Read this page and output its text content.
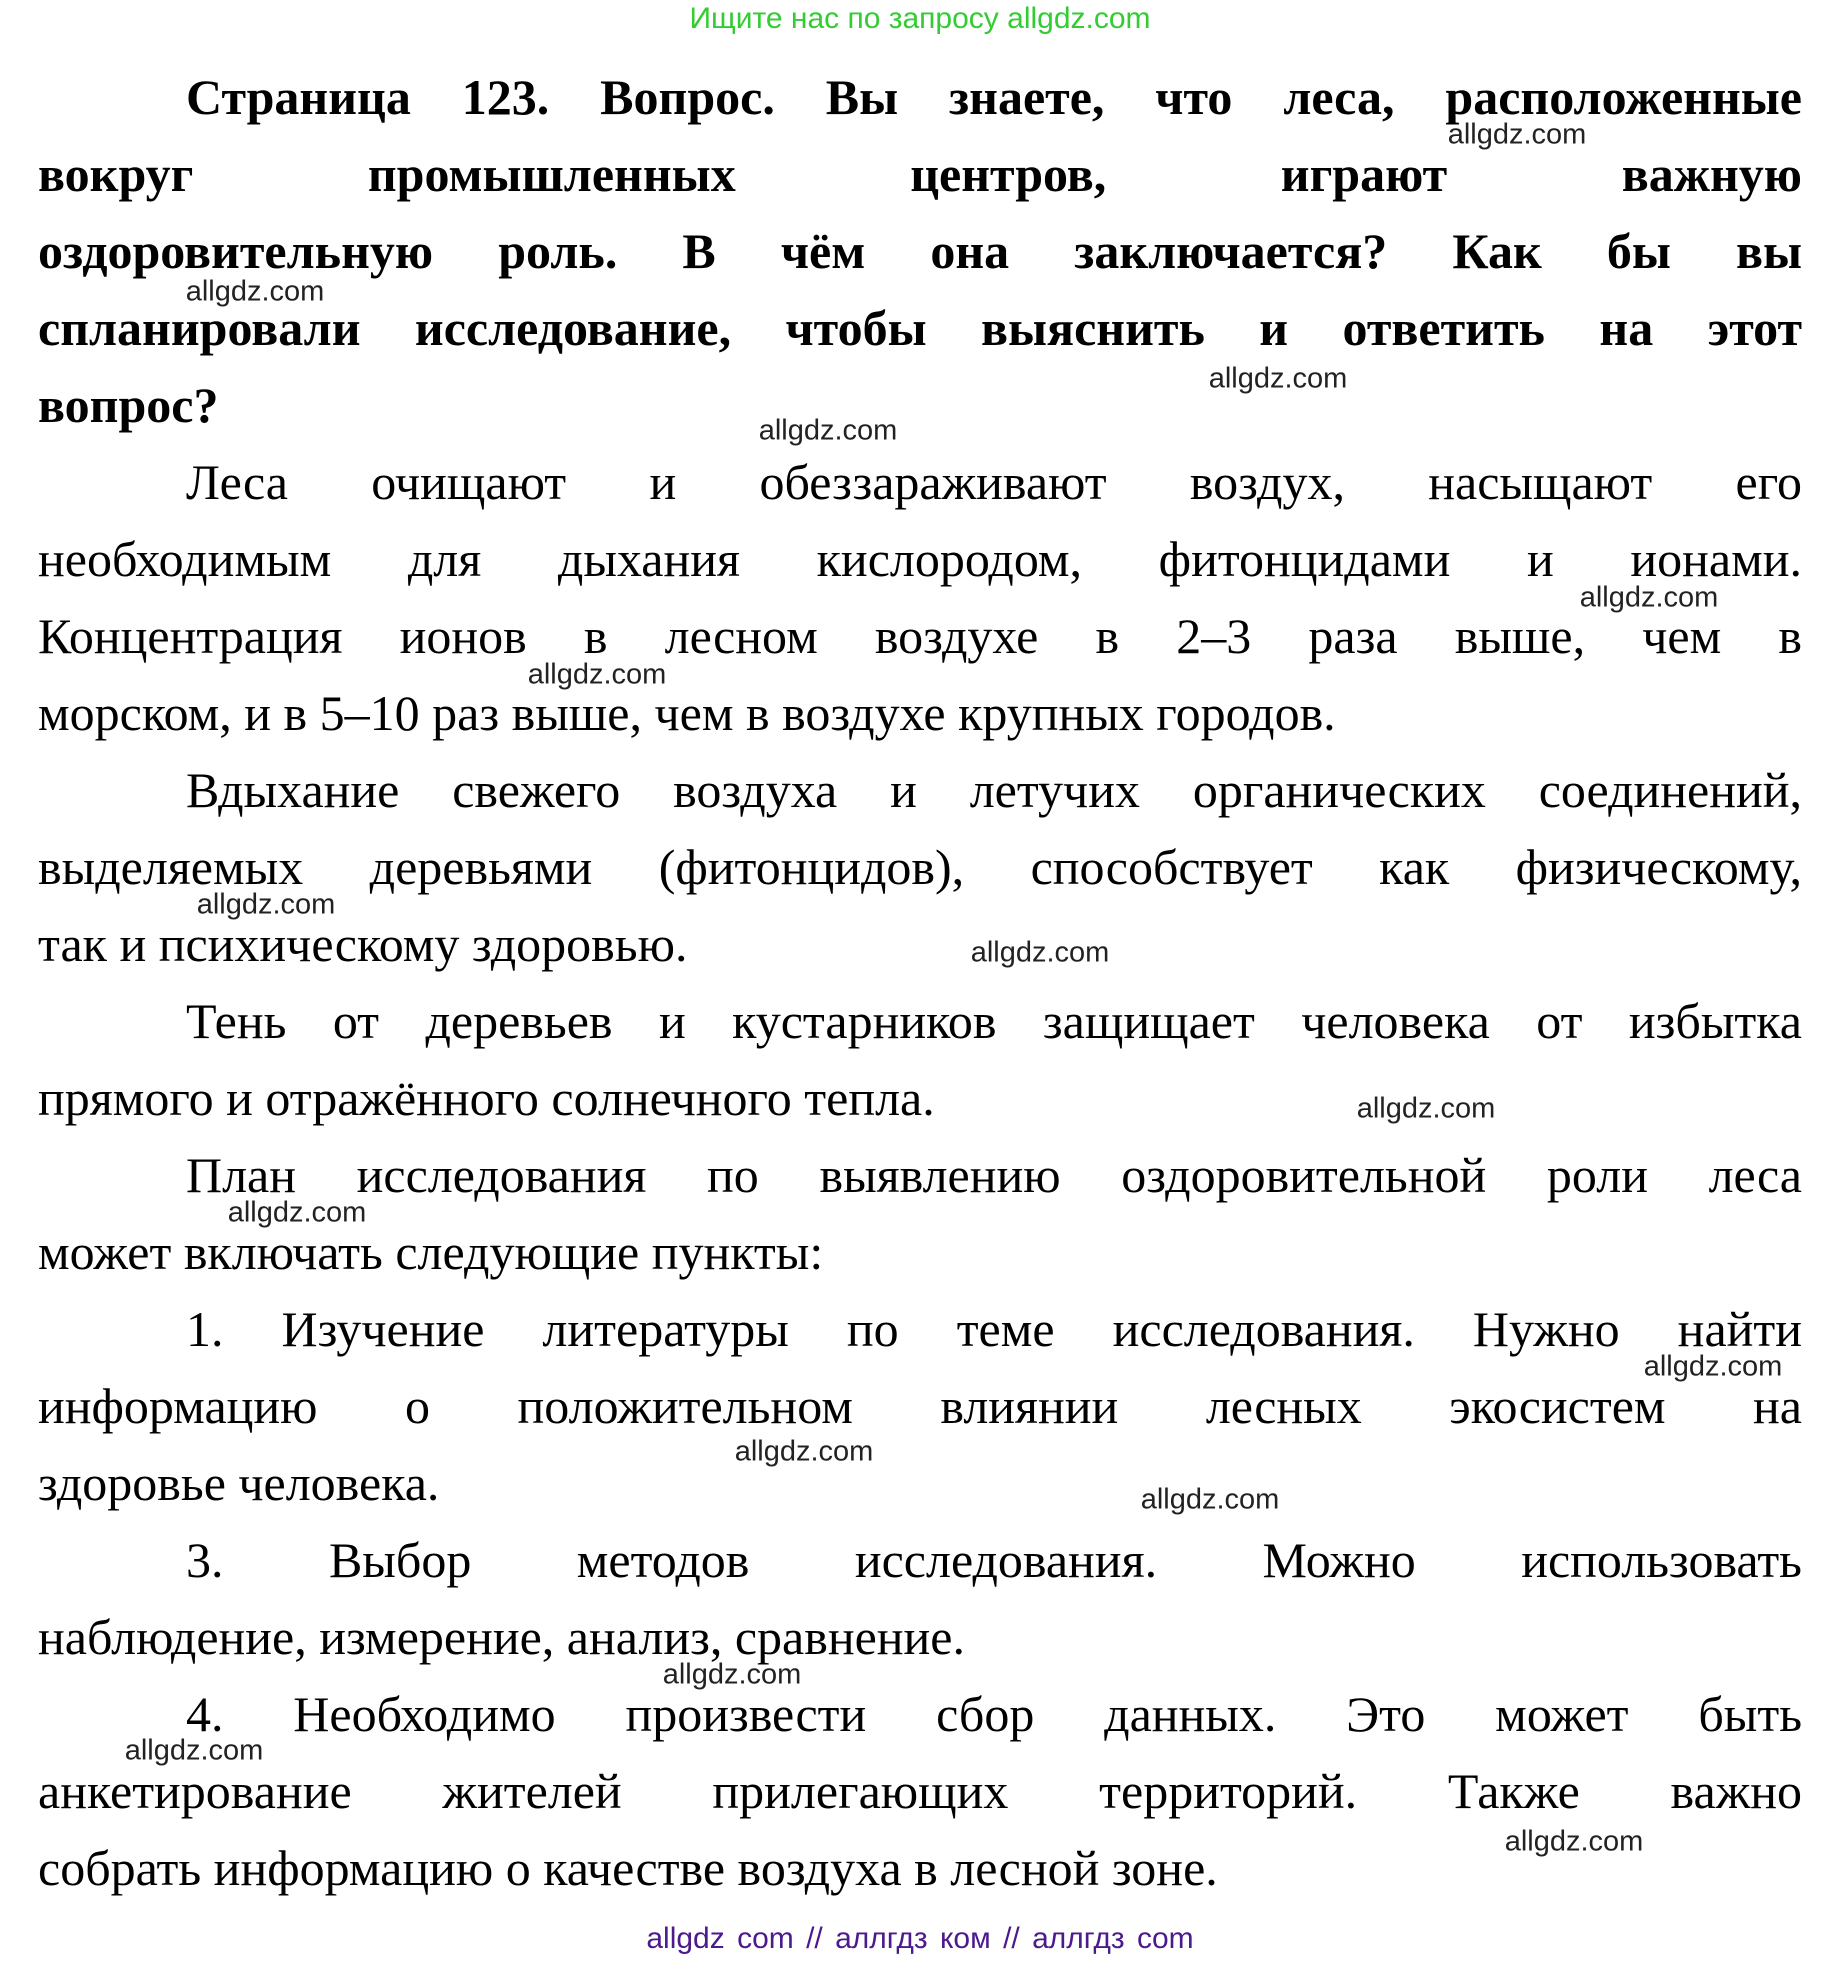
Ищите нас по запросу allgdz.com
Страница 123. Вопрос. Вы знаете, что леса, расположенные
вокруг промышленных центров, играют важную
оздоровительную роль. В чём она заключается? Как бы вы
спланировали исследование, чтобы выяснить и ответить на этот
вопрос?
Леса очищают и обеззараживают воздух, насыщают его
необходимым для дыхания кислородом, фитонцидами и ионами.
Концентрация ионов в лесном воздухе в 2–3 раза выше, чем в
морском, и в 5–10 раз выше, чем в воздухе крупных городов.
Вдыхание свежего воздуха и летучих органических соединений,
выделяемых деревьями (фитонцидов), способствует как физическому,
так и психическому здоровью.
Тень от деревьев и кустарников защищает человека от избытка
прямого и отражённого солнечного тепла.
План исследования по выявлению оздоровительной роли леса
может включать следующие пункты:
1. Изучение литературы по теме исследования. Нужно найти
информацию о положительном влиянии лесных экосистем на
здоровье человека.
3. Выбор методов исследования. Можно использовать
наблюдение, измерение, анализ, сравнение.
4. Необходимо произвести сбор данных. Это может быть
анкетирование жителей прилегающих территорий. Также важно
собрать информацию о качестве воздуха в лесной зоне.
allgdz.com
allgdz.com
allgdz.com
allgdz.com
allgdz.com
allgdz.com
allgdz.com
allgdz.com
allgdz.com
allgdz.com
allgdz.com
allgdz.com
allgdz.com
allgdz.com
allgdz.com
allgdz.com
allgdz com // аллгдз ком // аллгдз com
